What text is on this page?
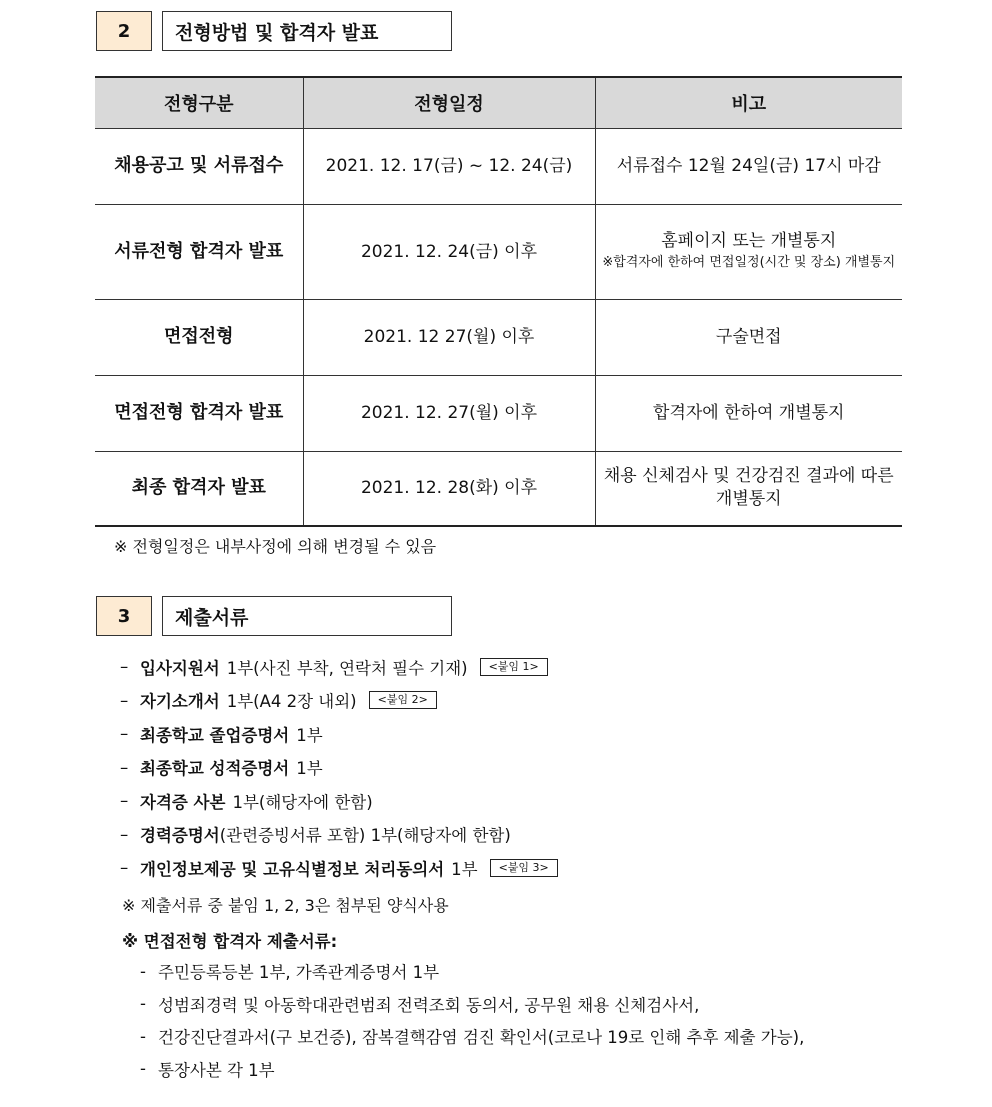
2	전형방법 및 합격자 발표
전형구분	전형일정	비고
채용공고 및 서류접수	2021. 12. 17(금) ~ 12. 24(금)	서류접수 12월 24일(금) 17시 마감

서류전형 합격자 발표	2021. 12. 24(금) 이후	홈페이지 또는 개별통지
※합격자에 한하여 면접일정(시간 및 장소) 개별통지

면접전형	2021. 12 27(월) 이후	구술면접

면접전형 합격자 발표	2021. 12. 27(월) 이후	합격자에 한하여 개별통지

최종 합격자 발표	2021. 12. 28(화) 이후	채용 신체검사 및 건강검진 결과에 따른 개별통지
※ 전형일정은 내부사정에 의해 변경될 수 있음
3	제출서류
– 입사지원서 1부(사진 부착, 연락처 필수 기재)	<붙임 1>
– 자기소개서 1부(A4 2장 내외)	<붙임 2>
– 최종학교 졸업증명서 1부
– 최종학교 성적증명서 1부
– 자격증 사본 1부(해당자에 한함)
– 경력증명서 (관련증빙서류 포함) 1부(해당자에 한함)
– 개인정보제공 및 고유식별정보 처리동의서 1부	<붙임 3>
※ 제출서류 중 붙임 1, 2, 3은 첨부된 양식사용
※ 면접전형 합격자 제출서류:
- 주민등록등본 1부, 가족관계증명서 1부
- 성범죄경력 및 아동학대관련범죄 전력조회 동의서, 공무원 채용 신체검사서,
- 건강진단결과서(구 보건증), 잠복결핵감염 검진 확인서(코로나 19로 인해 추후 제출 가능),
- 통장사본 각 1부
